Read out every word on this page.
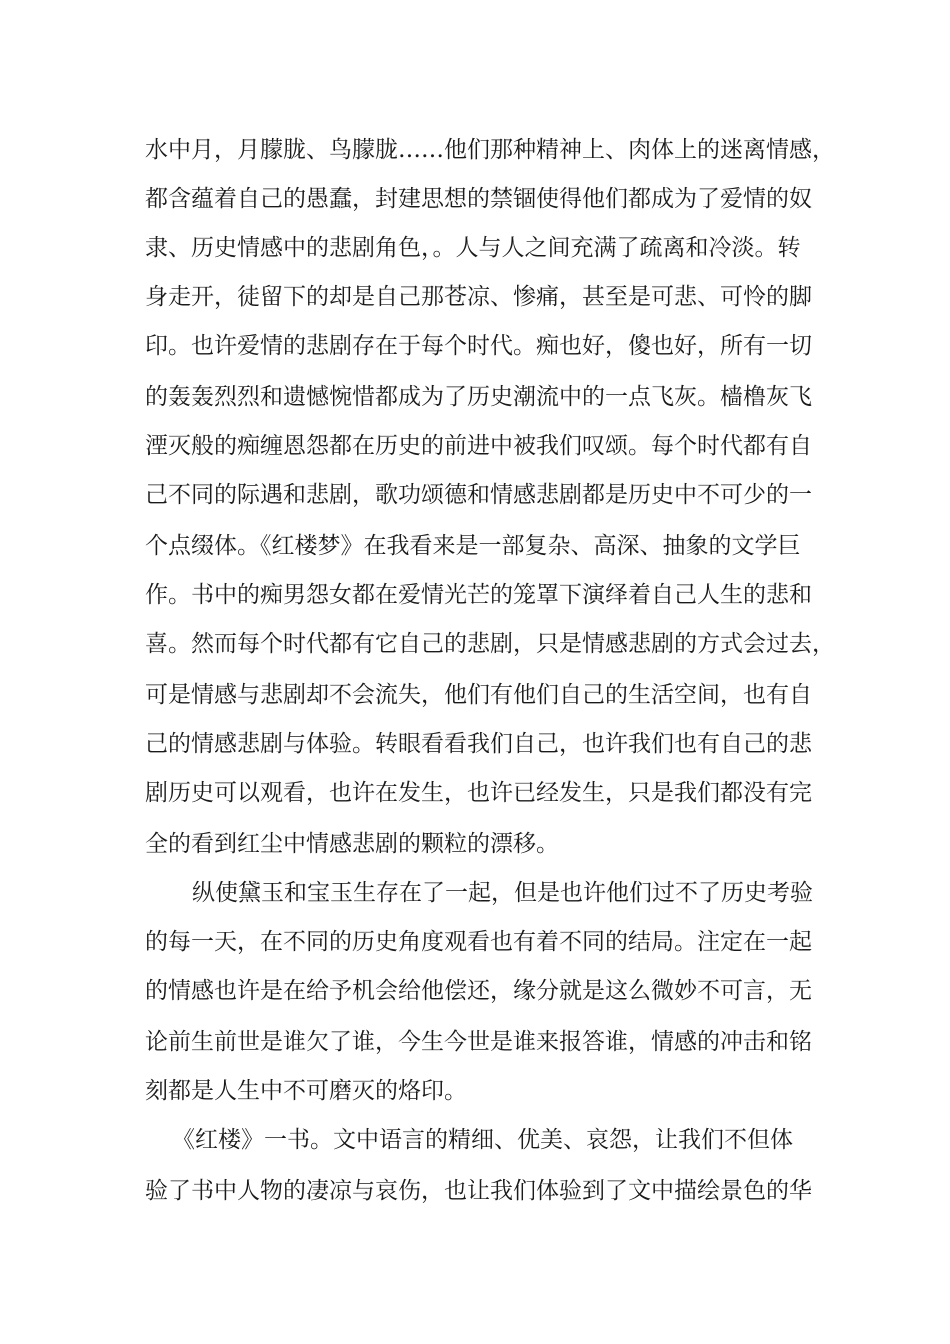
水中月，月朦胧、鸟朦胧……他们那种精神上、肉体上的迷离情感，
都含蕴着自己的愚蠢，封建思想的禁锢使得他们都成为了爱情的奴
隶、历史情感中的悲剧角色，。人与人之间充满了疏离和冷淡。转
身走开，徒留下的却是自己那苍凉、惨痛，甚至是可悲、可怜的脚
印。也许爱情的悲剧存在于每个时代。痴也好，傻也好，所有一切
的轰轰烈烈和遗憾惋惜都成为了历史潮流中的一点飞灰。樯橹灰飞
湮灭般的痴缠恩怨都在历史的前进中被我们叹颂。每个时代都有自
己不同的际遇和悲剧，歌功颂德和情感悲剧都是历史中不可少的一
个点缀体。《红楼梦》在我看来是一部复杂、高深、抽象的文学巨
作。书中的痴男怨女都在爱情光芒的笼罩下演绎着自己人生的悲和
喜。然而每个时代都有它自己的悲剧，只是情感悲剧的方式会过去，
可是情感与悲剧却不会流失，他们有他们自己的生活空间，也有自
己的情感悲剧与体验。转眼看看我们自己，也许我们也有自己的悲
剧历史可以观看，也许在发生，也许已经发生，只是我们都没有完
全的看到红尘中情感悲剧的颗粒的漂移。
纵使黛玉和宝玉生存在了一起，但是也许他们过不了历史考验
的每一天，在不同的历史角度观看也有着不同的结局。注定在一起
的情感也许是在给予机会给他偿还，缘分就是这么微妙不可言，无
论前生前世是谁欠了谁，今生今世是谁来报答谁，情感的冲击和铭
刻都是人生中不可磨灭的烙印。
《红楼》一书。文中语言的精细、优美、哀怨，让我们不但体
验了书中人物的凄凉与哀伤，也让我们体验到了文中描绘景色的华
